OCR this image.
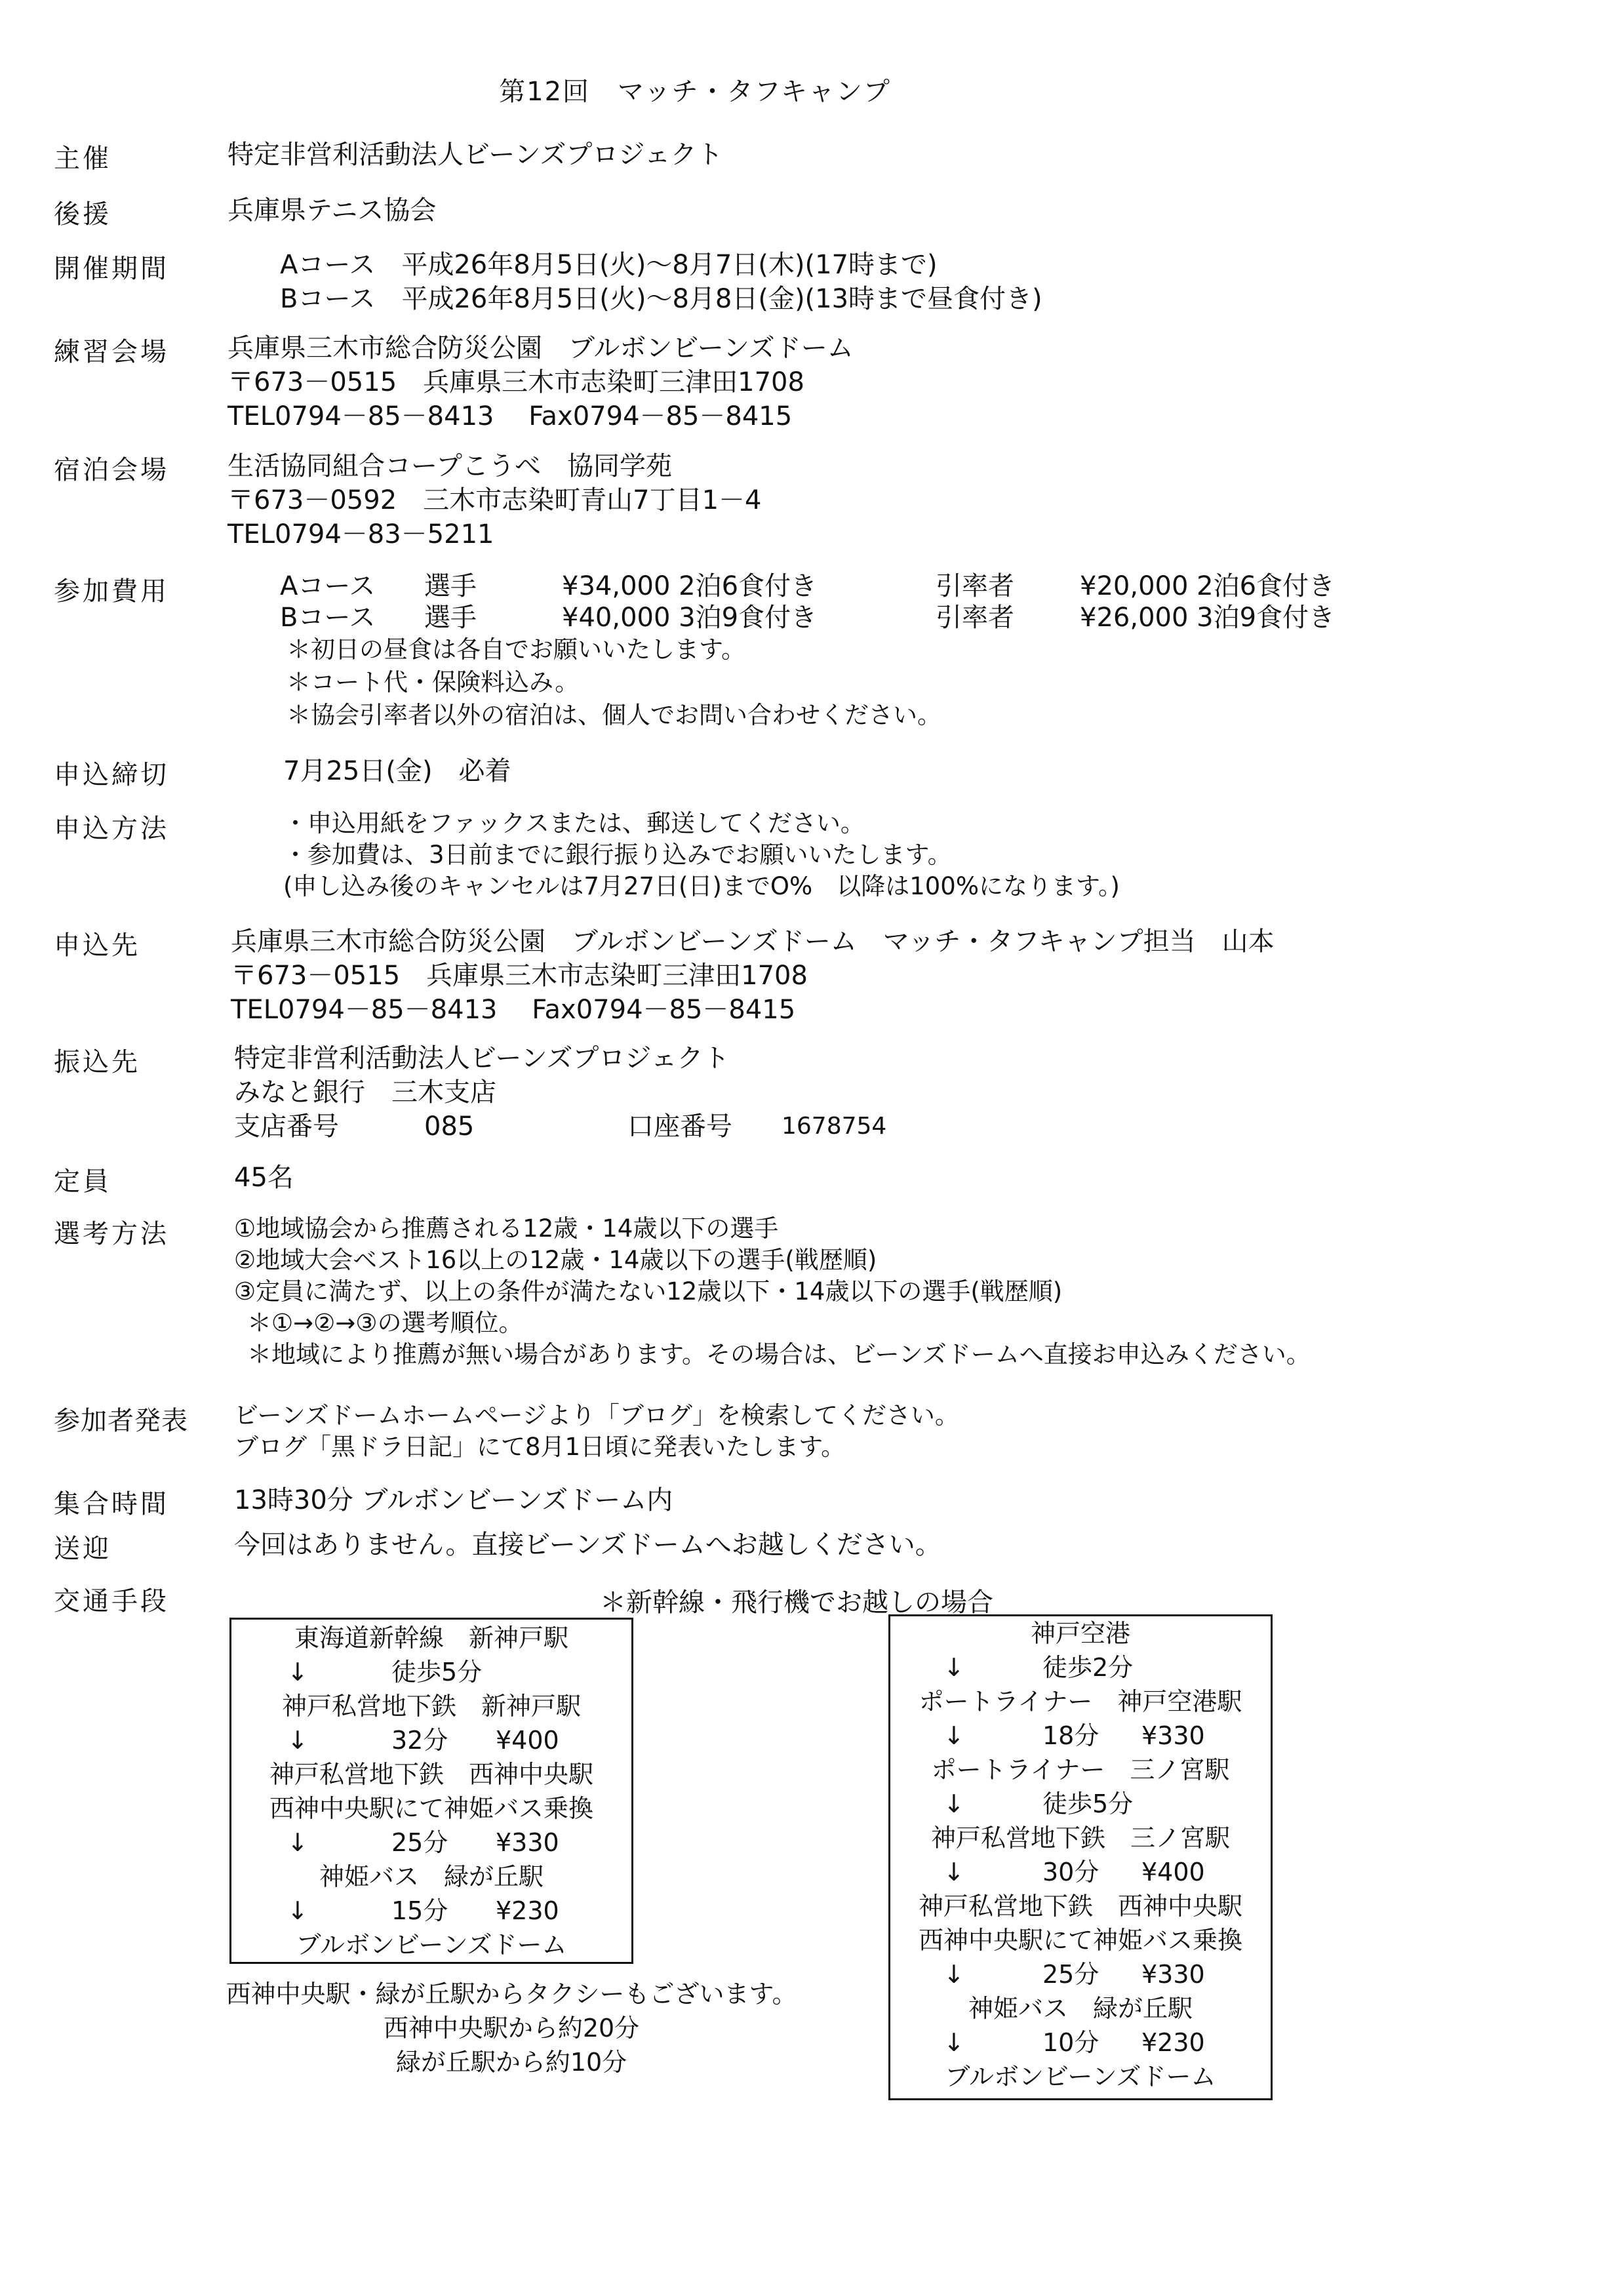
第12回　マッチ・タフキャンプ
主催	特定非営利活動法人ビーンズプロジェクト
後援	兵庫県テニス協会
開催期間	Aコース　平成26年8月5日(火)～8月7日(木)(17時まで)
Bコース　平成26年8月5日(火)～8月8日(金)(13時まで昼食付き)
練習会場 兵庫県三木市総合防災公園　ブルボンビーンズドーム
〒673－0515　兵庫県三木市志染町三津田1708
TEL0794－85－8413　 Fax0794－85－8415
宿泊会場 生活協同組合コープこうべ　協同学苑
〒673－0592　三木市志染町青山7丁目1－4
TEL0794－83－5211
参加費用	Aコース 選手	¥34,000 2泊6食付き	引率者	¥20,000 2泊6食付き
Bコース 選手	¥40,000 3泊9食付き	引率者	¥26,000 3泊9食付き
＊初日の昼食は各自でお願いいたします。
＊コート代・保険料込み。
＊協会引率者以外の宿泊は、個人でお問い合わせください。
申込締切	7月25日(金)　必着
申込方法	・申込用紙をファックスまたは、郵送してください。
・参加費は、3日前までに銀行振り込みでお願いいたします。
(申し込み後のキャンセルは7月27日(日)までO%　以降は100%になります。)
申込先	兵庫県三木市総合防災公園　ブルボンビーンズドーム　マッチ・タフキャンプ担当　山本
〒673－0515　兵庫県三木市志染町三津田1708
TEL0794－85－8413　 Fax0794－85－8415
振込先	特定非営利活動法人ビーンズプロジェクト
みなと銀行　三木支店
支店番号	085	口座番号 1678754
定員	45名
選考方法	①地域協会から推薦される12歳・14歳以下の選手
②地域大会ベスト16以上の12歳・14歳以下の選手(戦歴順)
③定員に満たず、以上の条件が満たない12歳以下・14歳以下の選手(戦歴順)
＊①→②→③の選考順位。
＊地域により推薦が無い場合があります。その場合は、ビーンズドームへ直接お申込みください。
参加者発表 ビーンズドームホームページより「ブログ」を検索してください。
ブログ「黒ドラ日記」にて8月1日頃に発表いたします。
集合時間 13時30分 ブルボンビーンズドーム内
送迎	今回はありません。直接ビーンズドームへお越しください。
交通手段	＊新幹線・飛行機でお越しの場合
東海道新幹線　新神戸駅
↓	徒歩5分
神戸私営地下鉄　新神戸駅
↓	32分 ¥400
神戸私営地下鉄　西神中央駅
西神中央駅にて神姫バス乗換
↓	25分 ¥330
神姫バス　緑が丘駅
↓	15分 ¥230
ブルボンビーンズドーム
神戸空港
↓	徒歩2分
ポートライナー　神戸空港駅
↓	18分 ¥330
ポートライナー　三ノ宮駅
↓	徒歩5分
神戸私営地下鉄　三ノ宮駅
↓	30分 ¥400
神戸私営地下鉄　西神中央駅
西神中央駅にて神姫バス乗換
↓	25分 ¥330
神姫バス　緑が丘駅
↓	10分 ¥230
ブルボンビーンズドーム
西神中央駅・緑が丘駅からタクシーもございます。
西神中央駅から約20分
緑が丘駅から約10分
